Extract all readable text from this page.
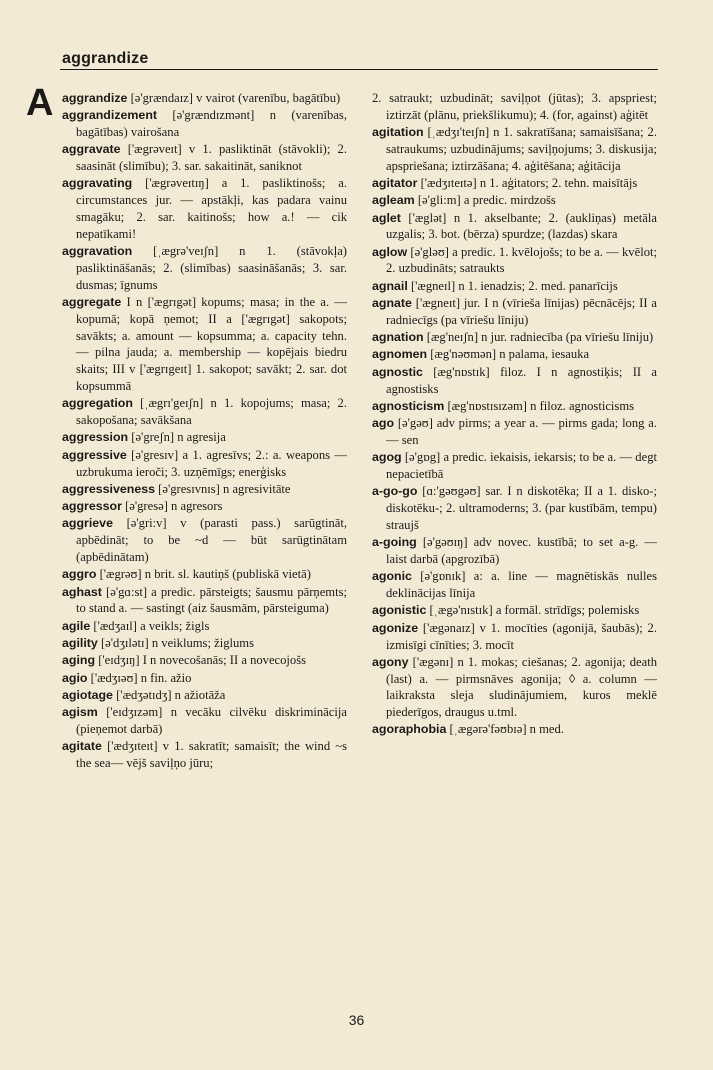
aggrandize
A aggrandize [ə'grændaɪz] v vairot (varenību, bagātību)

aggrandizement [ə'grændɪzmənt] n (varenības, bagātības) vairošana

aggravate ['ægrəveɪt] v 1. pasliktināt (stāvokli); 2. saasināt (slimību); 3. sar. sakaitināt, saniknot

aggravating ['ægrəveɪtɪŋ] a 1. pasliktinošs; a. circumstances jur. — apstākļi, kas padara vainu smagāku; 2. sar. kaitinošs; how a.! — cik nepatīkami!

aggravation [ˌægrə'veɪʃn] n 1. (stāvokļa) pasliktināšanās; 2. (slimības) saasināšanās; 3. sar. dusmas; īgnums

aggregate I n ['ægrɪgət] kopums; masa; in the a. — kopumā; kopā ņemot; II a ['ægrɪgət] sakopots; savākts; a. amount — kopsumma; a. capacity tehn. — pilna jauda; a. membership — kopējais biedru skaits; III v ['ægrɪgeɪt] 1. sakopot; savākt; 2. sar. dot kopsummā

aggregation [ˌægrɪ'geɪʃn] n 1. kopojums; masa; 2. sakopošana; savākšana

aggression [ə'greʃn] n agresija

aggressive [ə'gresɪv] a 1. agresīvs; 2.: a. weapons — uzbrukuma ieroči; 3. uzņēmīgs; enerģisks

aggressiveness [ə'gresɪvnɪs] n agresivitāte

aggressor [ə'gresə] n agresors

aggrieve [ə'gri:v] v (parasti pass.) sarūgtināt, apbēdināt; to be ~d — būt sarūgtinātam (apbēdinātam)

aggro ['ægrəʊ] n brit. sl. kautiņš (publiskā vietā)

aghast [ə'gɑ:st] a predic. pārsteigts; šausmu pārņemts; to stand a. — sastingt (aiz šausmām, pārsteiguma)

agile ['ædʒaɪl] a veikls; žigls

agility [ə'dʒɪlətɪ] n veiklums; žiglums

aging ['eɪdʒɪŋ] I n novecošanās; II a novecojošs

agio ['ædʒɪəʊ] n fin. ažio

agiotage ['ædʒətɪdʒ] n ažiotāža

agism ['eɪdʒɪzəm] n vecāku cilvēku diskriminācija (pieņemot darbā)

agitate ['ædʒɪteɪt] v 1. sakratīt; samaisīt; the wind ~s the sea— vējš saviļņo jūru;

2. satraukt; uzbudināt; saviļņot (jūtas); 3. apspriest; iztirzāt (plānu, priekšlikumu); 4. (for, against) aģitēt

agitation [ˌædʒɪ'teɪʃn] n 1. sakratīšana; samaisīšana; 2. satraukums; uzbudinājums; saviļņojums; 3. diskusija; apspriešana; iztirzāšana; 4. aģitēšana; aģitācija

agitator ['ædʒɪteɪtə] n 1. aģitators; 2. tehn. maisītājs

agleam [ə'gli:m] a predic. mirdzošs

aglet ['æglət] n 1. akselbante; 2. (aukliņas) metāla uzgalis; 3. bot. (bērza) spurdze; (lazdas) skara

aglow [ə'gləʊ] a predic. 1. kvēlojošs; to be a. — kvēlot; 2. uzbudināts; satraukts

agnail ['ægneɪl] n 1. ienadzis; 2. med. panarīcijs

agnate ['ægneɪt] jur. I n (vīrieša līnijas) pēcnācējs; II a radniecīgs (pa vīriešu līniju)

agnation [æg'neɪʃn] n jur. radniecība (pa vīriešu līniju)

agnomen [æg'nəʊmən] n palama, iesauka

agnostic [æg'nɒstɪk] filoz. I n agnostiķis; II a agnostisks

agnosticism [æg'nɒstɪsɪzəm] n filoz. agnosticisms

ago [ə'gəʊ] adv pirms; a year a. — pirms gada; long a. — sen

agog [ə'gɒg] a predic. iekaisis, iekarsis; to be a. — degt nepacietībā

a-go-go [ɑ:'gəʊgəʊ] sar. I n diskotēka; II a 1. disko-; diskotēku-; 2. ultramoderns; 3. (par kustībām, tempu) straujš

a-going [ə'gəʊɪŋ] adv novec. kustībā; to set a-g. — laist darbā (apgrozībā)

agonic [ə'gɒnɪk] a: a. line — magnētiskās nulles deklinācijas līnija

agonistic [ˌægə'nɪstɪk] a formāl. strīdīgs; polemisks

agonize ['ægənaɪz] v 1. mocīties (agonijā, šaubās); 2. izmisīgi cīnīties; 3. mocīt

agony ['ægənɪ] n 1. mokas; ciešanas; 2. agonija; death (last) a. — pirmsnāves agonija; ◊ a. column — laikraksta sleja sludinājumiem, kuros meklē piederīgos, draugus u.tml.

agoraphobia [ˌægərə'fəʊbɪə] n med.

36
